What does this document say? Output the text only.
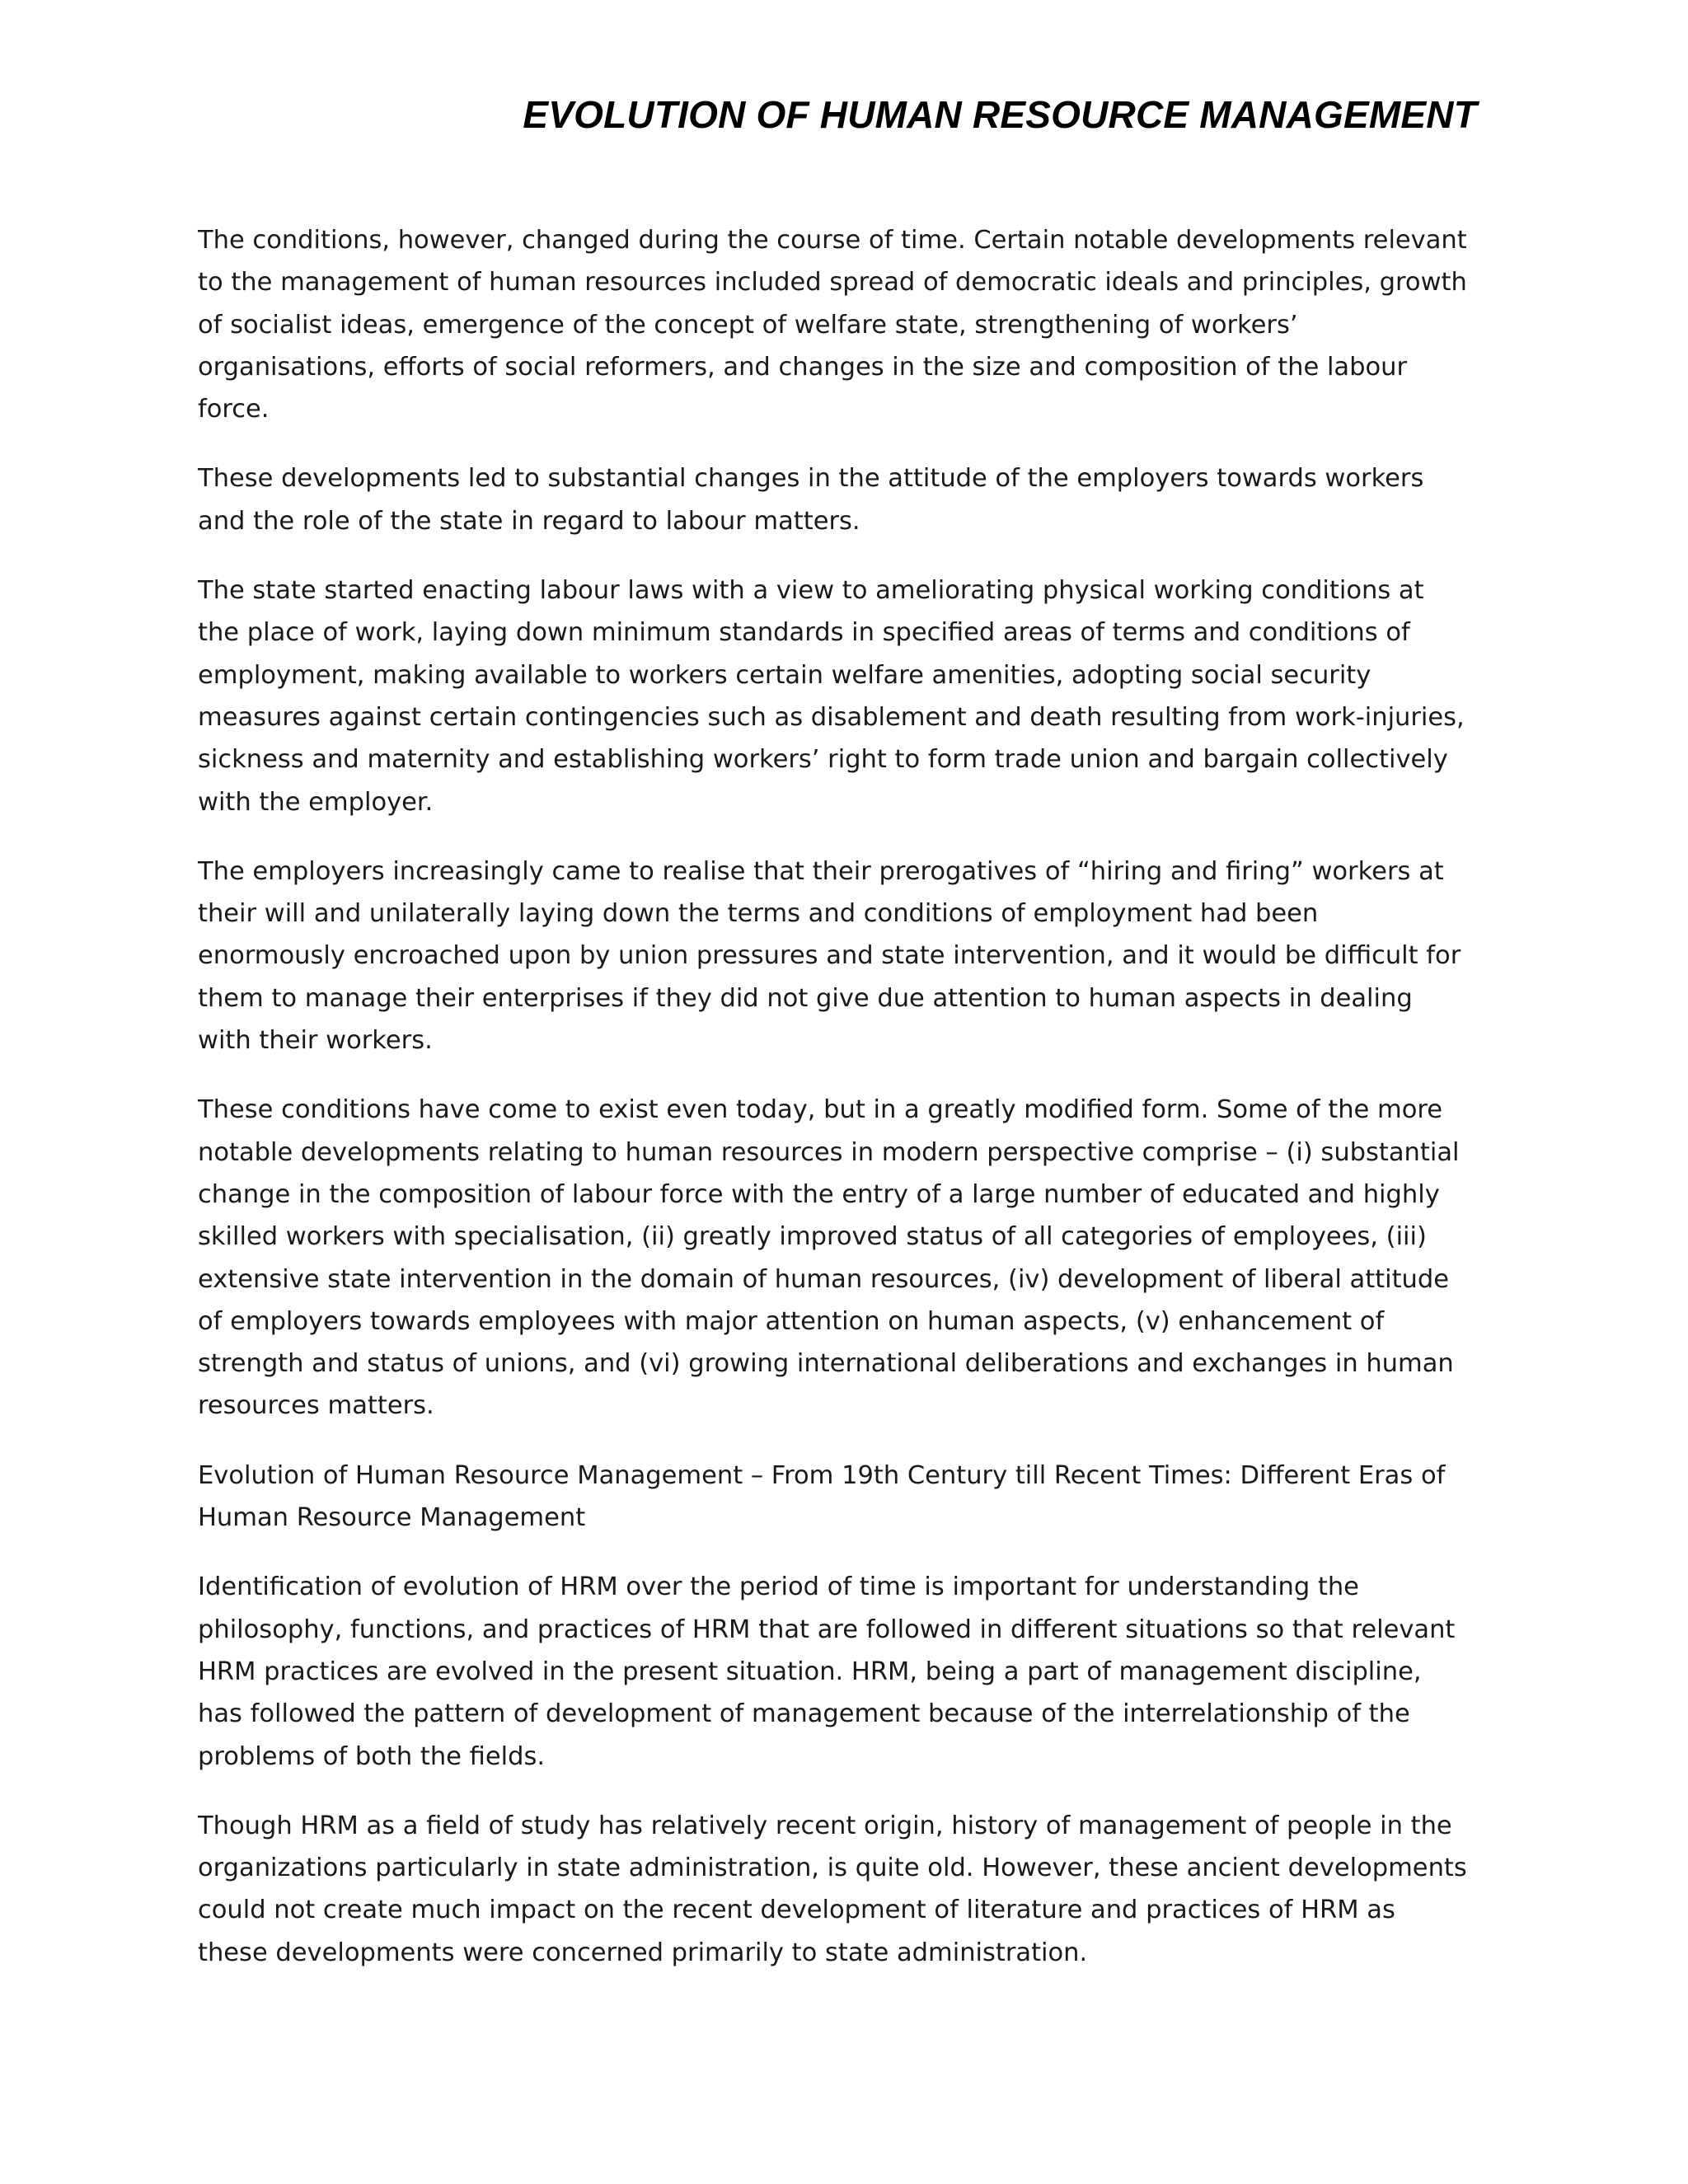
EVOLUTION OF HUMAN RESOURCE MANAGEMENT

The conditions, however, changed during the course of time. Certain notable developments relevant to the management of human resources included spread of democratic ideals and principles, growth of socialist ideas, emergence of the concept of welfare state, strengthening of workers’ organisations, efforts of social reformers, and changes in the size and composition of the labour force.

These developments led to substantial changes in the attitude of the employers towards workers and the role of the state in regard to labour matters.

The state started enacting labour laws with a view to ameliorating physical working conditions at the place of work, laying down minimum standards in specified areas of terms and conditions of employment, making available to workers certain welfare amenities, adopting social security measures against certain contingencies such as disablement and death resulting from work-injuries, sickness and maternity and establishing workers’ right to form trade union and bargain collectively with the employer.

The employers increasingly came to realise that their prerogatives of “hiring and firing” workers at their will and unilaterally laying down the terms and conditions of employment had been enormously encroached upon by union pressures and state intervention, and it would be difficult for them to manage their enterprises if they did not give due attention to human aspects in dealing with their workers.

These conditions have come to exist even today, but in a greatly modified form. Some of the more notable developments relating to human resources in modern perspective comprise – (i) substantial change in the composition of labour force with the entry of a large number of educated and highly skilled workers with specialisation, (ii) greatly improved status of all categories of employees, (iii) extensive state intervention in the domain of human resources, (iv) development of liberal attitude of employers towards employees with major attention on human aspects, (v) enhancement of strength and status of unions, and (vi) growing international deliberations and exchanges in human resources matters.

Evolution of Human Resource Management – From 19th Century till Recent Times: Different Eras of Human Resource Management

Identification of evolution of HRM over the period of time is important for understanding the philosophy, functions, and practices of HRM that are followed in different situations so that relevant HRM practices are evolved in the present situation. HRM, being a part of management discipline, has followed the pattern of development of management because of the interrelationship of the problems of both the fields.

Though HRM as a field of study has relatively recent origin, history of management of people in the organizations particularly in state administration, is quite old. However, these ancient developments could not create much impact on the recent development of literature and practices of HRM as these developments were concerned primarily to state administration.
